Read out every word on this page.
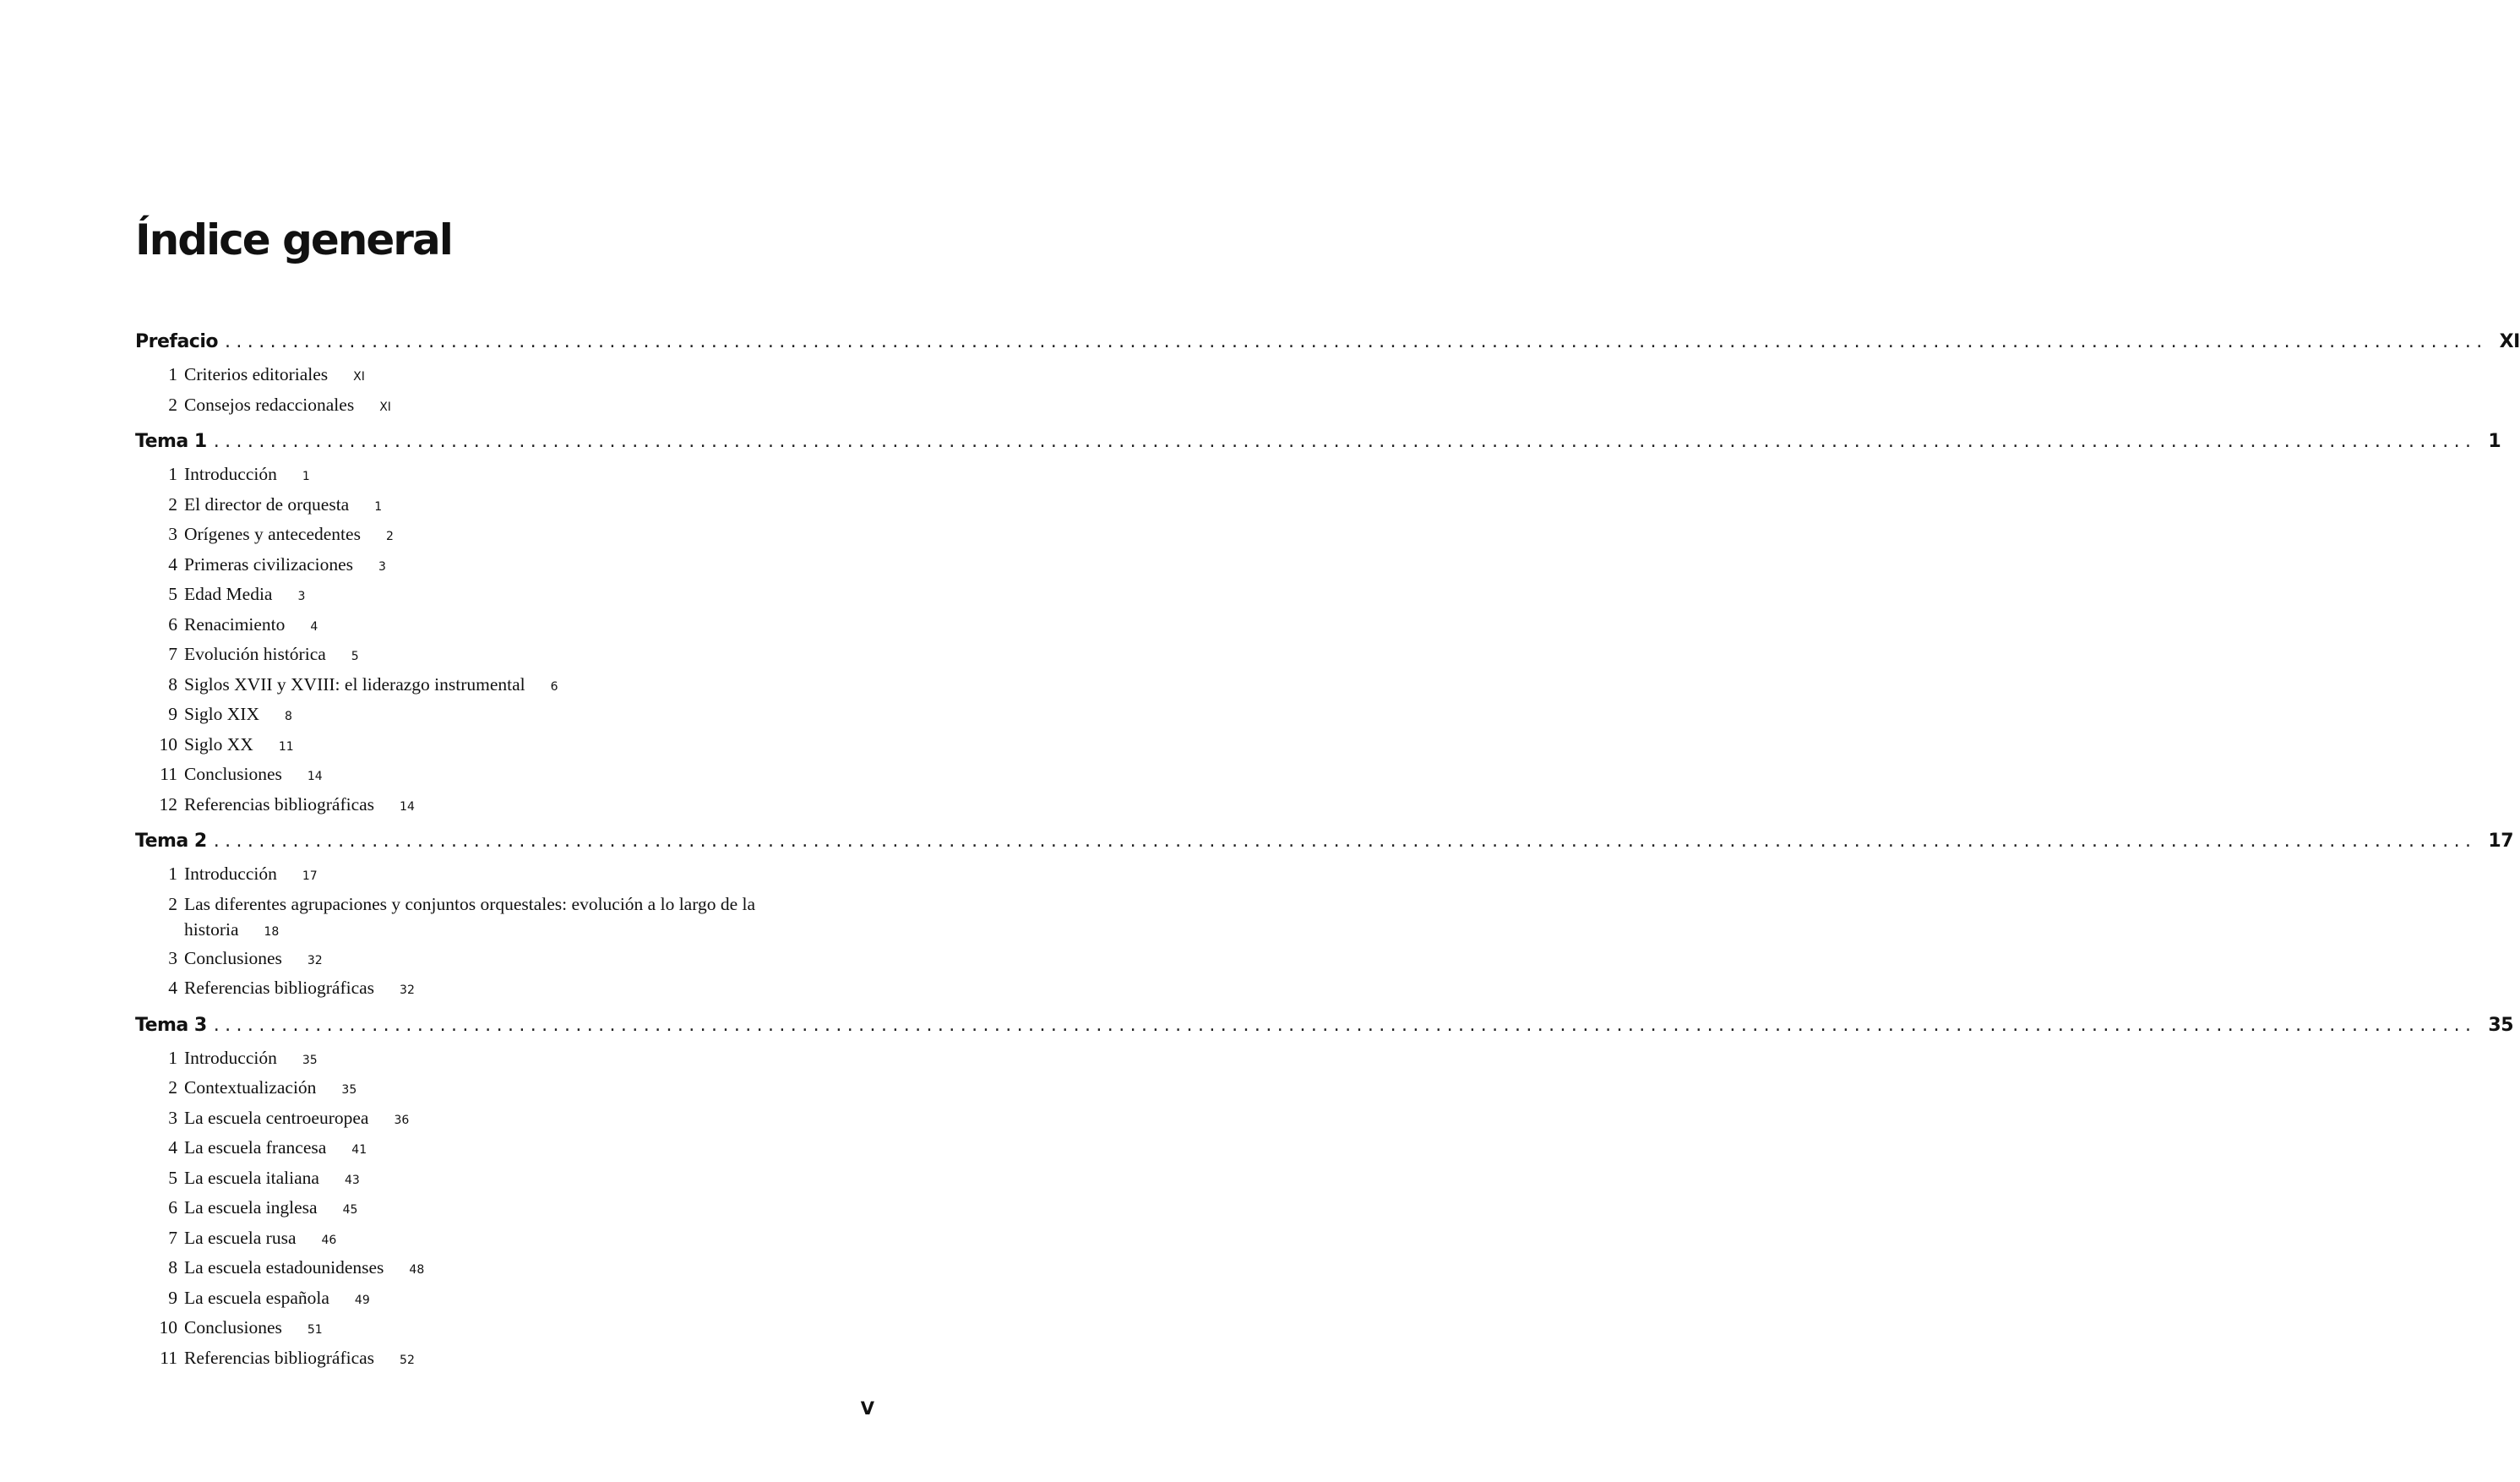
Índice general
Prefacio ........................................................................................................................................................................................................ XI
1 Criterios editoriales XI
2 Consejos redaccionales XI
Tema 1 ........................................................................................................................................................................................................ 1
1 Introducción 1
2 El director de orquesta 1
3 Orígenes y antecedentes 2
4 Primeras civilizaciones 3
5 Edad Media 3
6 Renacimiento 4
7 Evolución histórica 5
8 Siglos XVII y XVIII: el liderazgo instrumental 6
9 Siglo XIX 8
10 Siglo XX 11
11 Conclusiones 14
12 Referencias bibliográficas 14
Tema 2 ........................................................................................................................................................................................................ 17
1 Introducción 17
2 Las diferentes agrupaciones y conjuntos orquestales: evolución a lo largo de la historia 18
3 Conclusiones 32
4 Referencias bibliográficas 32
Tema 3 ........................................................................................................................................................................................................ 35
1 Introducción 35
2 Contextualización 35
3 La escuela centroeuropea 36
4 La escuela francesa 41
5 La escuela italiana 43
6 La escuela inglesa 45
7 La escuela rusa 46
8 La escuela estadounidenses 48
9 La escuela española 49
10 Conclusiones 51
11 Referencias bibliográficas 52
V
